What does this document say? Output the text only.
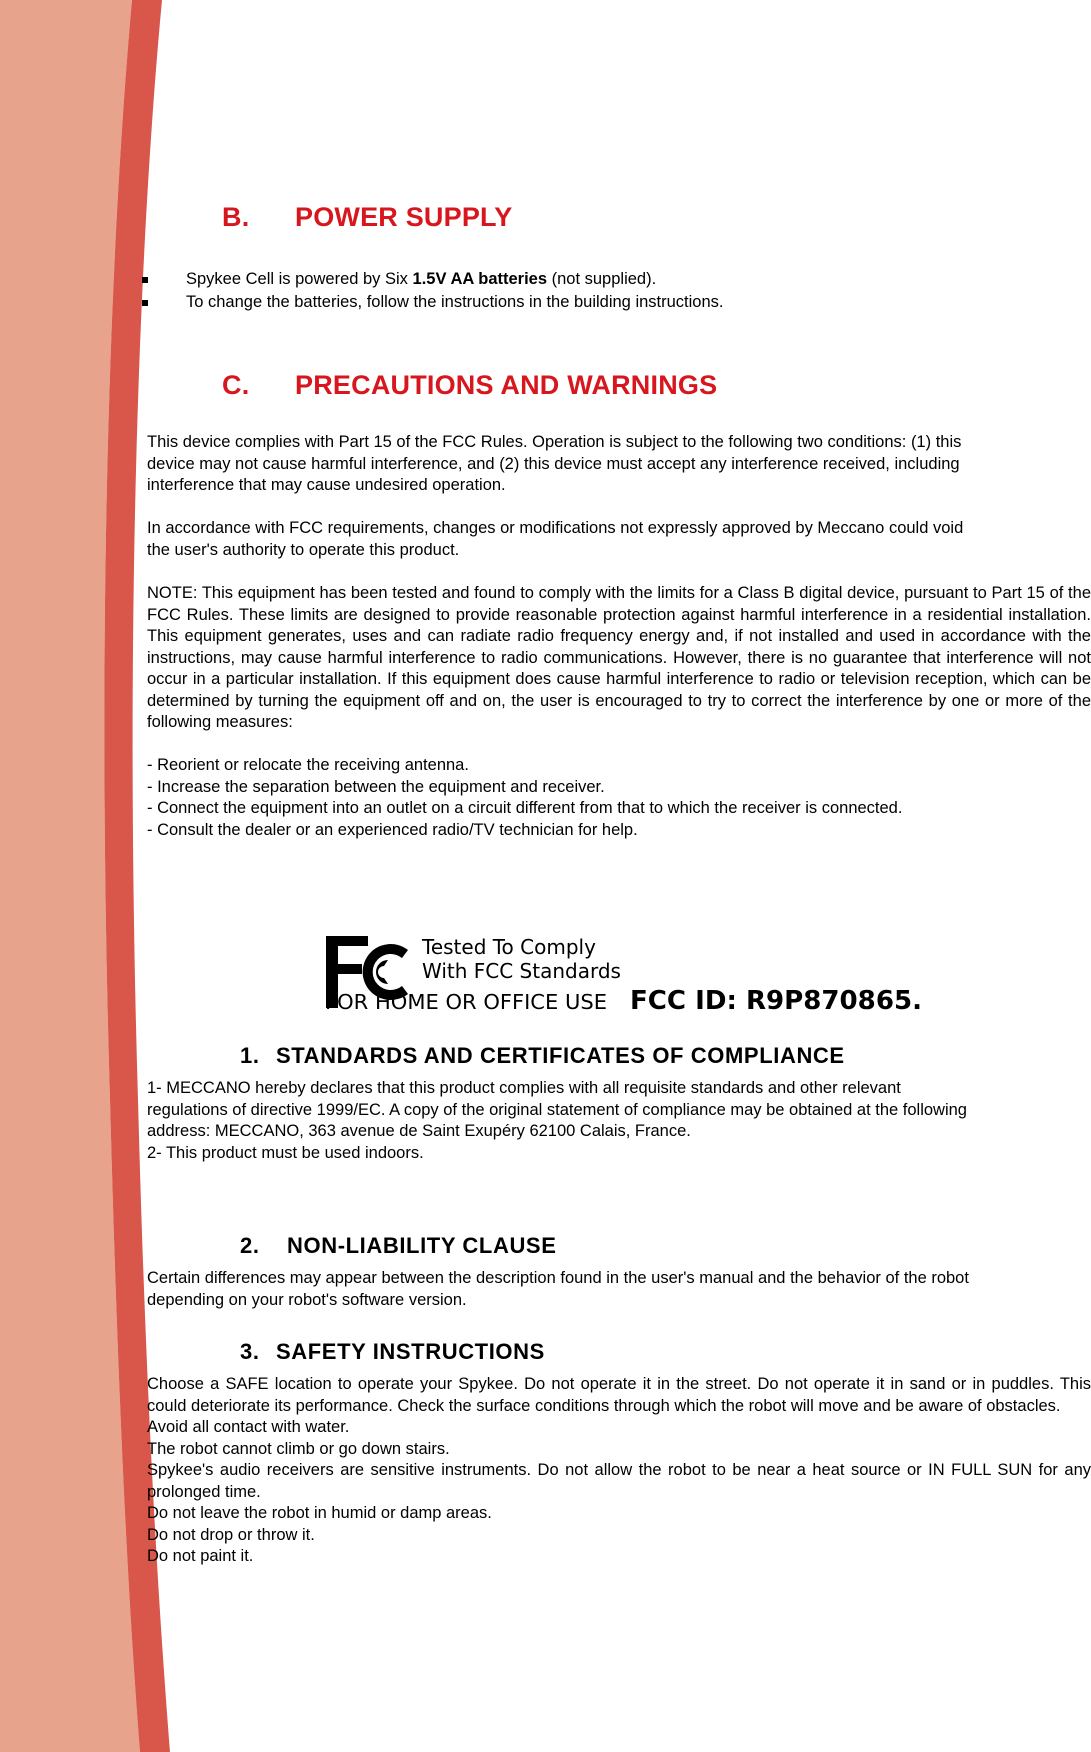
B. POWER SUPPLY
Spykee Cell is powered by Six 1.5V AA batteries (not supplied).
To change the batteries, follow the instructions in the building instructions.
C. PRECAUTIONS AND WARNINGS
This device complies with Part 15 of the FCC Rules. Operation is subject to the following two conditions: (1) this
device may not cause harmful interference, and (2) this device must accept any interference received, including
interference that may cause undesired operation.
In accordance with FCC requirements, changes or modifications not expressly approved by Meccano could void
the user's authority to operate this product.
NOTE: This equipment has been tested and found to comply with the limits for a Class B digital device, pursuant to Part 15 of the FCC Rules. These limits are designed to provide reasonable protection against harmful interference in a residential installation. This equipment generates, uses and can radiate radio frequency energy and, if not installed and used in accordance with the instructions, may cause harmful interference to radio communications. However, there is no guarantee that interference will not occur in a particular installation. If this equipment does cause harmful interference to radio or television reception, which can be determined by turning the equipment off and on, the user is encouraged to try to correct the interference by one or more of the following measures:
- Reorient or relocate the receiving antenna.
- Increase the separation between the equipment and receiver.
- Connect the equipment into an outlet on a circuit different from that to which the receiver is connected.
- Consult the dealer or an experienced radio/TV technician for help.
Tested To Comply
With FCC Standards
FOR HOME OR OFFICE USE FCC ID: R9P870865.
1. STANDARDS AND CERTIFICATES OF COMPLIANCE
1- MECCANO hereby declares that this product complies with all requisite standards and other relevant
regulations of directive 1999/EC. A copy of the original statement of compliance may be obtained at the following
address: MECCANO, 363 avenue de Saint Exupéry 62100 Calais, France.
2- This product must be used indoors.
2. NON-LIABILITY CLAUSE
Certain differences may appear between the description found in the user's manual and the behavior of the robot
depending on your robot's software version.
3. SAFETY INSTRUCTIONS
Choose a SAFE location to operate your Spykee. Do not operate it in the street. Do not operate it in sand or in puddles. This could deteriorate its performance. Check the surface conditions through which the robot will move and be aware of obstacles.
Avoid all contact with water.
The robot cannot climb or go down stairs.
Spykee's audio receivers are sensitive instruments. Do not allow the robot to be near a heat source or IN FULL SUN for any prolonged time.
Do not leave the robot in humid or damp areas.
Do not drop or throw it.
Do not paint it.
